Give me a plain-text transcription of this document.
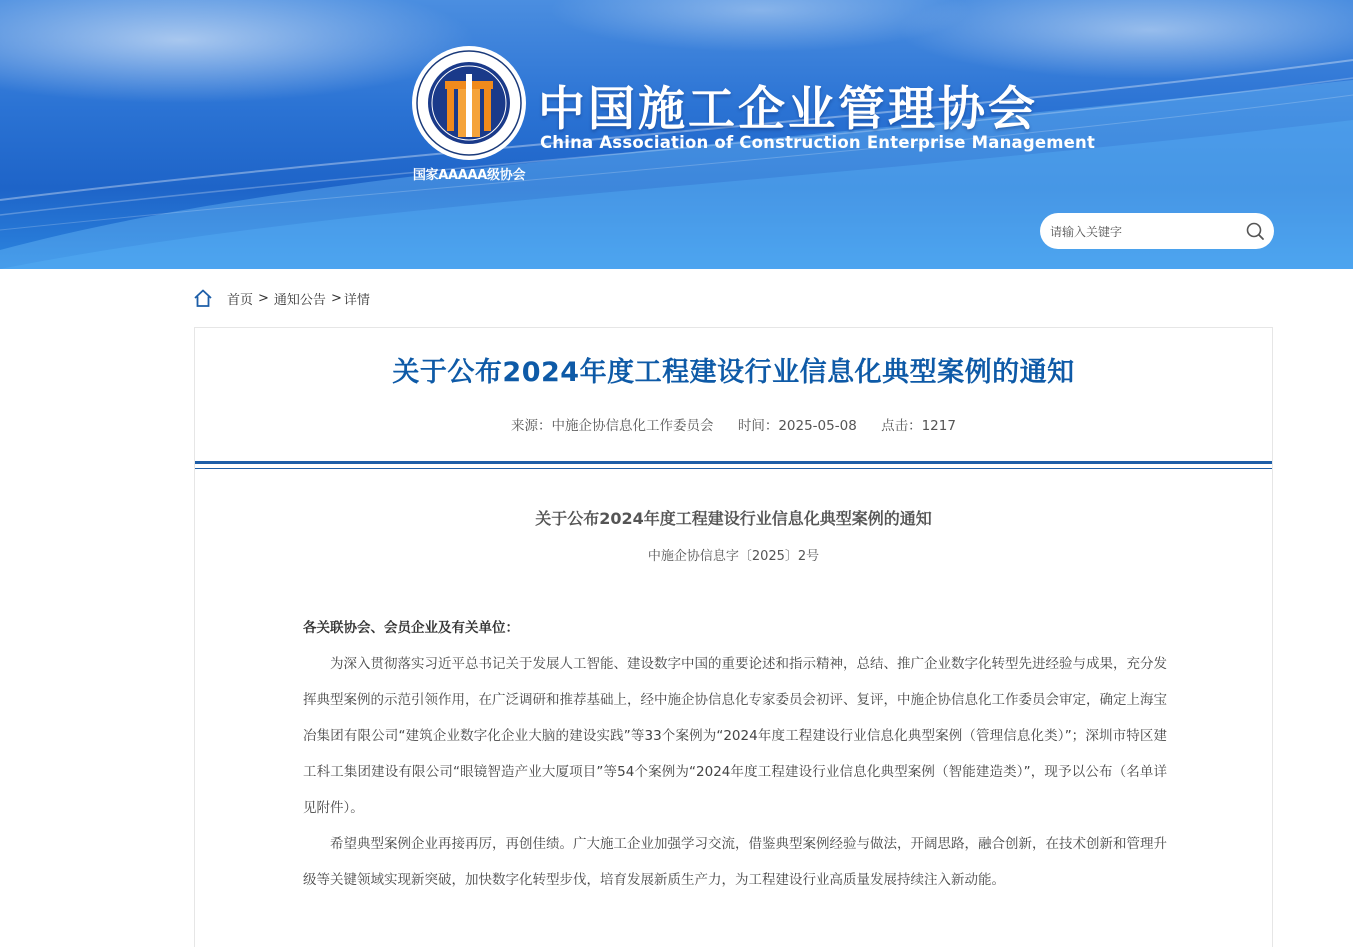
国家AAAAA级协会
中国施工企业管理协会
China Association of Construction Enterprise Management
请输入关键字
首页 > 通知公告 > 详情
关于公布2024年度工程建设行业信息化典型案例的通知
来源：中施企协信息化工作委员会 时间：2025-05-08 点击：1217
关于公布2024年度工程建设行业信息化典型案例的通知
中施企协信息字〔2025〕2号

各关联协会、会员企业及有关单位：

为深入贯彻落实习近平总书记关于发展人工智能、建设数字中国的重要论述和指示精神，总结、推广企业数字化转型先进经验与成果，充分发挥典型案例的示范引领作用，在广泛调研和推荐基础上，经中施企协信息化专家委员会初评、复评，中施企协信息化工作委员会审定，确定上海宝冶集团有限公司“建筑企业数字化企业大脑的建设实践”等33个案例为“2024年度工程建设行业信息化典型案例（管理信息化类）”；深圳市特区建工科工集团建设有限公司“眼镜智造产业大厦项目”等54个案例为“2024年度工程建设行业信息化典型案例（智能建造类）”，现予以公布（名单详见附件）。

希望典型案例企业再接再厉，再创佳绩。广大施工企业加强学习交流，借鉴典型案例经验与做法，开阔思路，融合创新，在技术创新和管理升级等关键领域实现新突破，加快数字化转型步伐，培育发展新质生产力，为工程建设行业高质量发展持续注入新动能。
